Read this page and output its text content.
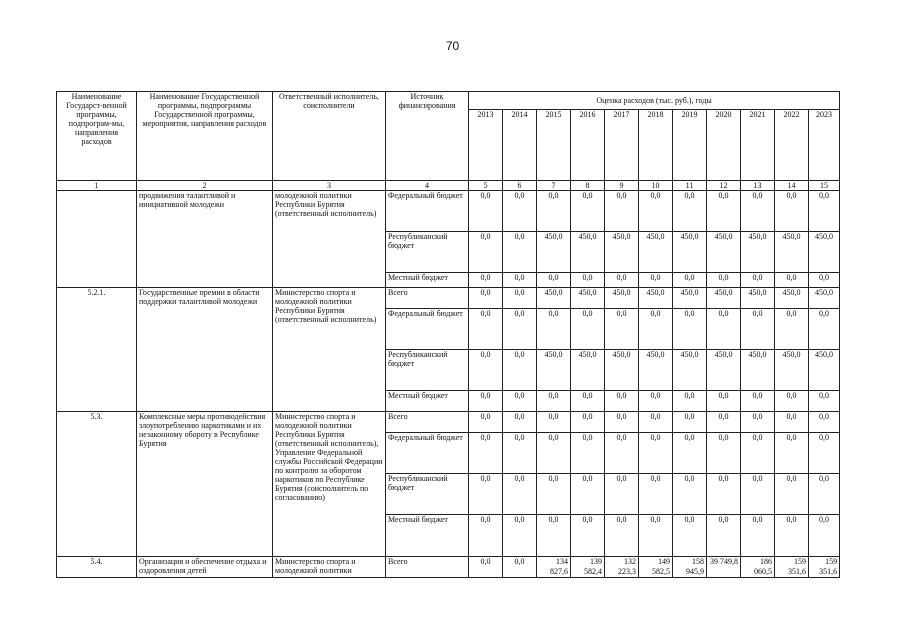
70
Наименование Государст-венной программы, подпрограм-мы, направления расходов	Наименование Государственной программы, подпрограммы Государственной программы, мероприятия, направления расходов	Ответственный исполнитель, соисполнители	Источник финансирования	Оценка расходов (тыс. руб.), годы										
				2013	2014	2015	2016	2017	2018	2019	2020	2021	2022	2023
1	2	3	4	5	6	7	8	9	10	11	12	13	14	15
	продвижения талантливой и инициативной молодежи	молодежной политики Республики Бурятия (ответственный исполнитель)	Федеральный бюджет	0,0	0,0	0,0	0,0	0,0	0,0	0,0	0,0	0,0	0,0	0,0
			Республиканский бюджет	0,0	0,0	450,0	450,0	450,0	450,0	450,0	450,0	450,0	450,0	450,0
			Местный бюджет	0,0	0,0	0,0	0,0	0,0	0,0	0,0	0,0	0,0	0,0	0,0
5.2.1.	Государственные премии в области поддержки талантливой молодежи	Министерство спорта и молодежной политики Республики Бурятия (ответственный исполнитель)	Всего	0,0	0,0	450,0	450,0	450,0	450,0	450,0	450,0	450,0	450,0	450,0
			Федеральный бюджет	0,0	0,0	0,0	0,0	0,0	0,0	0,0	0,0	0,0	0,0	0,0
			Республиканский бюджет	0,0	0,0	450,0	450,0	450,0	450,0	450,0	450,0	450,0	450,0	450,0
			Местный бюджет	0,0	0,0	0,0	0,0	0,0	0,0	0,0	0,0	0,0	0,0	0,0
5.3.	Комплексные меры противодействия злоупотреблению наркотиками и их незаконному обороту в Республике Бурятия	Министерство спорта и молодежной политики Республики Бурятия (ответственный исполнитель), Управление Федеральной службы Российской Федерации по контролю за оборотом наркотиков по Республике Бурятия (соисполнитель по согласованию)	Всего	0,0	0,0	0,0	0,0	0,0	0,0	0,0	0,0	0,0	0,0	0,0
			Федеральный бюджет	0,0	0,0	0,0	0,0	0,0	0,0	0,0	0,0	0,0	0,0	0,0
			Республиканский бюджет	0,0	0,0	0,0	0,0	0,0	0,0	0,0	0,0	0,0	0,0	0,0
			Местный бюджет	0,0	0,0	0,0	0,0	0,0	0,0	0,0	0,0	0,0	0,0	0,0
5.4.	Организация и обеспечение отдыха и оздоровления детей	Министерство спорта и молодежной политики	Всего	0,0	0,0	134 827,6	139 582,4	132 223,3	149 582,5	158 945,9	39 749,8	186 060,5	159 351,6	159 351,6
